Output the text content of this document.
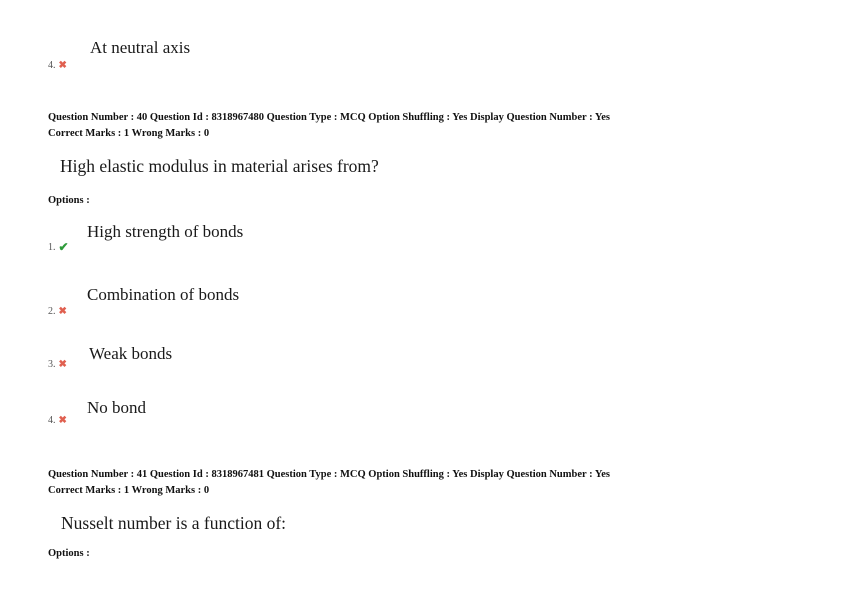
At neutral axis
4. ✖
Question Number : 40 Question Id : 8318967480 Question Type : MCQ Option Shuffling : Yes Display Question Number : Yes
Correct Marks : 1 Wrong Marks : 0
High elastic modulus in material arises from?
Options :
High strength of bonds
1. ✔
Combination of bonds
2. ✖
Weak bonds
3. ✖
No bond
4. ✖
Question Number : 41 Question Id : 8318967481 Question Type : MCQ Option Shuffling : Yes Display Question Number : Yes
Correct Marks : 1 Wrong Marks : 0
Nusselt number is a function of:
Options :
